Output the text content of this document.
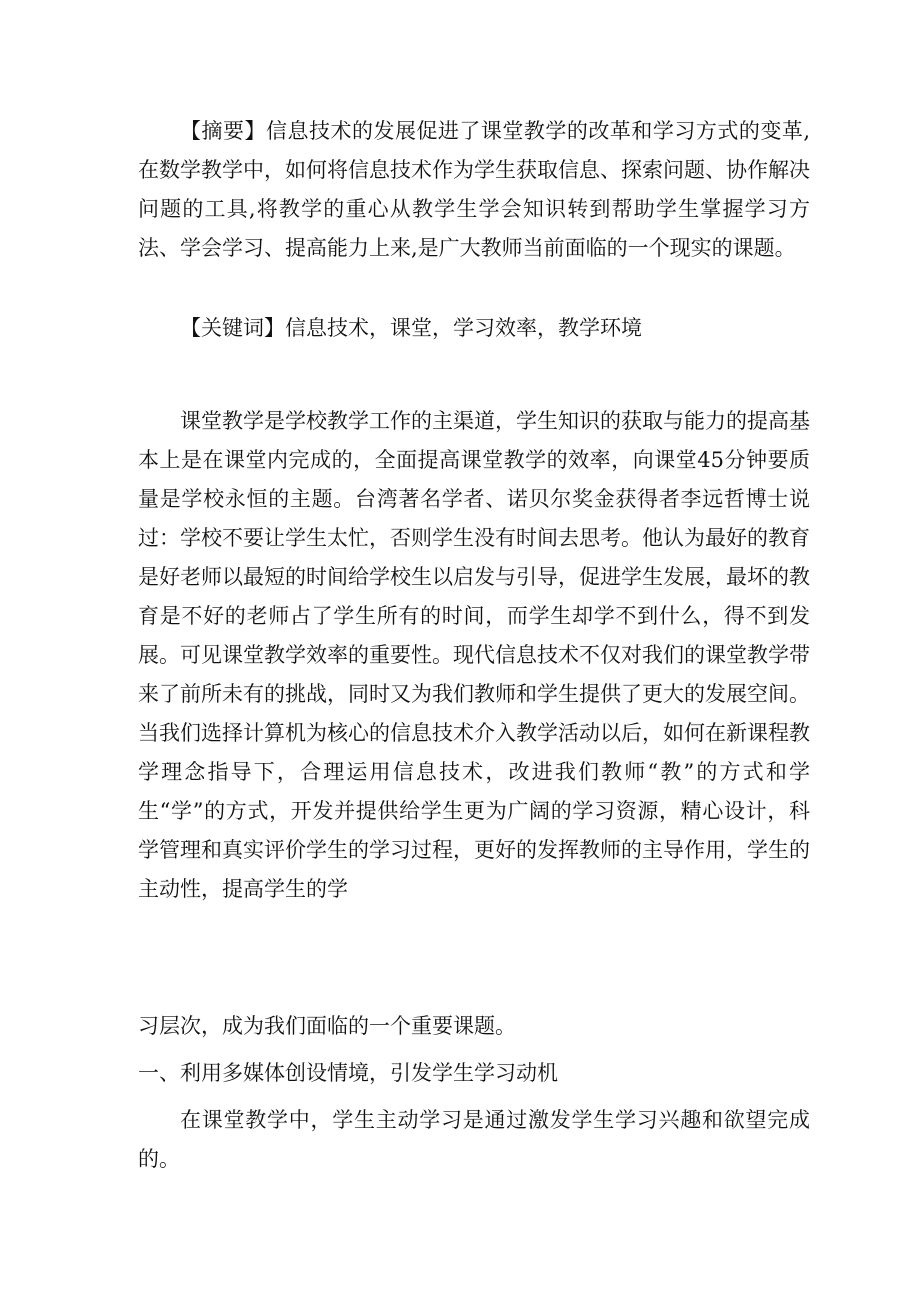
【摘要】信息技术的发展促进了课堂教学的改革和学习方式的变革,在数学教学中，如何将信息技术作为学生获取信息、探索问题、协作解决问题的工具,将教学的重心从教学生学会知识转到帮助学生掌握学习方法、学会学习、提高能力上来,是广大教师当前面临的一个现实的课题。

【关键词】信息技术，课堂，学习效率，教学环境

课堂教学是学校教学工作的主渠道，学生知识的获取与能力的提高基本上是在课堂内完成的，全面提高课堂教学的效率，向课堂45分钟要质量是学校永恒的主题。台湾著名学者、诺贝尔奖金获得者李远哲博士说过：学校不要让学生太忙，否则学生没有时间去思考。他认为最好的教育是好老师以最短的时间给学校生以启发与引导，促进学生发展，最坏的教育是不好的老师占了学生所有的时间，而学生却学不到什么，得不到发展。可见课堂教学效率的重要性。现代信息技术不仅对我们的课堂教学带来了前所未有的挑战，同时又为我们教师和学生提供了更大的发展空间。当我们选择计算机为核心的信息技术介入教学活动以后，如何在新课程教学理念指导下，合理运用信息技术，改进我们教师“教”的方式和学生“学”的方式，开发并提供给学生更为广阔的学习资源，精心设计，科学管理和真实评价学生的学习过程，更好的发挥教师的主导作用，学生的主动性，提高学生的学

习层次，成为我们面临的一个重要课题。

一、利用多媒体创设情境，引发学生学习动机

在课堂教学中，学生主动学习是通过激发学生学习兴趣和欲望完成的。
